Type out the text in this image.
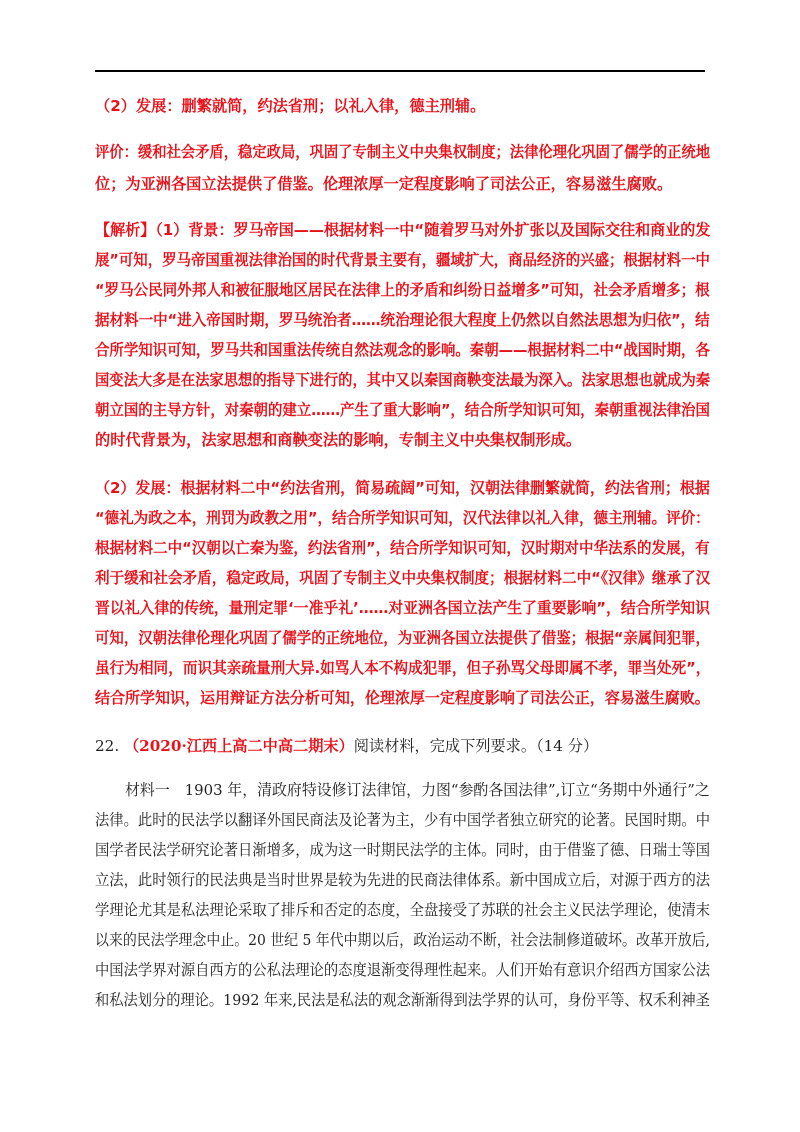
（2）发展：删繁就简，约法省刑；以礼入律，德主刑辅。
评价：缓和社会矛盾，稳定政局，巩固了专制主义中央集权制度；法律伦理化巩固了儒学的正统地
位；为亚洲各国立法提供了借鉴。伦理浓厚一定程度影响了司法公正，容易滋生腐败。
【解析】（1）背景：罗马帝国——根据材料一中“随着罗马对外扩张以及国际交往和商业的发
展”可知，罗马帝国重视法律治国的时代背景主要有，疆域扩大，商品经济的兴盛；根据材料一中
“罗马公民同外邦人和被征服地区居民在法律上的矛盾和纠纷日益增多”可知，社会矛盾增多；根
据材料一中“进入帝国时期，罗马统治者……统治理论很大程度上仍然以自然法思想为归依”，结
合所学知识可知，罗马共和国重法传统自然法观念的影响。秦朝——根据材料二中“战国时期，各
国变法大多是在法家思想的指导下进行的，其中又以秦国商鞅变法最为深入。法家思想也就成为秦
朝立国的主导方针，对秦朝的建立……产生了重大影响”，结合所学知识可知，秦朝重视法律治国
的时代背景为，法家思想和商鞅变法的影响，专制主义中央集权制形成。
（2）发展：根据材料二中“约法省刑，简易疏阔”可知，汉朝法律删繁就简，约法省刑；根据
“德礼为政之本，刑罚为政教之用”，结合所学知识可知，汉代法律以礼入律，德主刑辅。评价：
根据材料二中“汉朝以亡秦为鉴，约法省刑”，结合所学知识可知，汉时期对中华法系的发展，有
利于缓和社会矛盾，稳定政局，巩固了专制主义中央集权制度；根据材料二中“《汉律》继承了汉
晋以礼入律的传统，量刑定罪‘一准乎礼’……对亚洲各国立法产生了重要影响”，结合所学知识
可知，汉朝法律伦理化巩固了儒学的正统地位，为亚洲各国立法提供了借鉴；根据“亲属间犯罪，
虽行为相同，而识其亲疏量刑大异.如骂人本不构成犯罪，但子孙骂父母即属不孝，罪当处死”，
结合所学知识，运用辩证方法分析可知，伦理浓厚一定程度影响了司法公正，容易滋生腐败。
22. （2020·江西上高二中高二期末）阅读材料，完成下列要求。（14 分）
材料一　1903 年，清政府特设修订法律馆，力图“参酌各国法律”,订立“务期中外通行”之
法律。此时的民法学以翻译外国民商法及论著为主，少有中国学者独立研究的论著。民国时期。中
国学者民法学研究论著日渐增多，成为这一时期民法学的主体。同时，由于借鉴了德、日瑞士等国
立法，此时领行的民法典是当时世界是较为先进的民商法律体系。新中国成立后，对源于西方的法
学理论尤其是私法理论采取了排斥和否定的态度，全盘接受了苏联的社会主义民法学理论，使清末
以来的民法学理念中止。20 世纪 5 年代中期以后，政治运动不断，社会法制修道破坏。改革开放后,
中国法学界对源自西方的公私法理论的态度退渐变得理性起来。人们开始有意识介绍西方国家公法
和私法划分的理论。1992 年来,民法是私法的观念渐渐得到法学界的认可，身份平等、权禾利神圣
